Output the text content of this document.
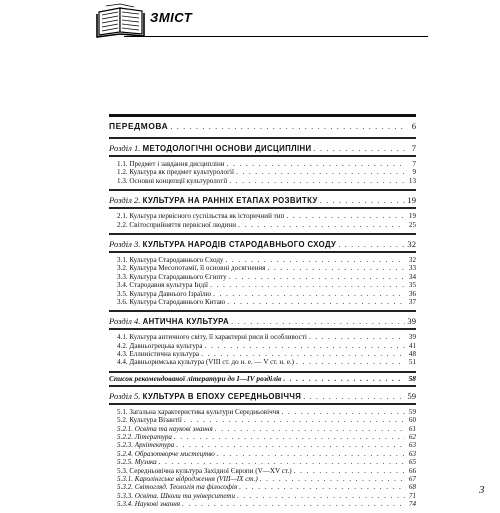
ЗМІСТ
ПЕРЕДМОВА . . .	6
Розділ 1. МЕТОДОЛОГІЧНІ ОСНОВИ ДИСЦИПЛІНИ . . .	7
1.1. Предмет і завдання дисципліни . . .	7
1.2. Культура як предмет культурології . . .	9
1.3. Основні концепції культурології . . .	13
Розділ 2. КУЛЬТУРА НА РАННІХ ЕТАПАХ РОЗВИТКУ . . .	19
2.1. Культура первісного суспільства як історичний тип . . .	19
2.2. Світосприйняття первісної людини . . .	25
Розділ 3. КУЛЬТУРА НАРОДІВ СТАРОДАВНЬОГО СХОДУ . . .	32
3.1. Культура Стародавнього Сходу . . .	32
3.2. Культура Месопотамії, її основні досягнення . . .	33
3.3. Культура Стародавнього Єгипту . . .	34
3.4. Стародавня культура Індії . . .	35
3.5. Культура Давнього Ізраїлю . . .	36
3.6. Культура Стародавнього Китаю . . .	37
Розділ 4. АНТИЧНА КУЛЬТУРА . . .	39
4.1. Культура античного світу, її характерні риси й особливості . . .	39
4.2. Давньогрецька культура . . .	41
4.3. Еллиністична культура . . .	48
4.4. Давньоримська культура (VIII ст. до н. е. — V ст. н. е.) . . .	51
Список рекомендованої літератури до I—IV розділів . . .	58
Розділ 5. КУЛЬТУРА В ЕПОХУ СЕРЕДНЬОВІЧЧЯ . . .	59
5.1. Загальна характеристика культури Середньовіччя . . .	59
5.2. Культура Візантії . . .	60
5.2.1. Освіта та наукові знання . . .	61
5.2.2. Література . . .	62
5.2.3. Архітектура . . .	63
5.2.4. Образотворче мистецтво . . .	63
5.2.5. Музика . . .	65
5.3. Середньовічна культура Західної Європи (V—XV ст.) . . .	66
5.3.1. Каролінгське відродження (VIII—IX ст.) . . .	67
5.3.2. Світогляд. Теологія та філософія . . .	68
5.3.3. Освіта. Школи та університети . . .	71
5.3.4. Наукові знання . . .	74
3
